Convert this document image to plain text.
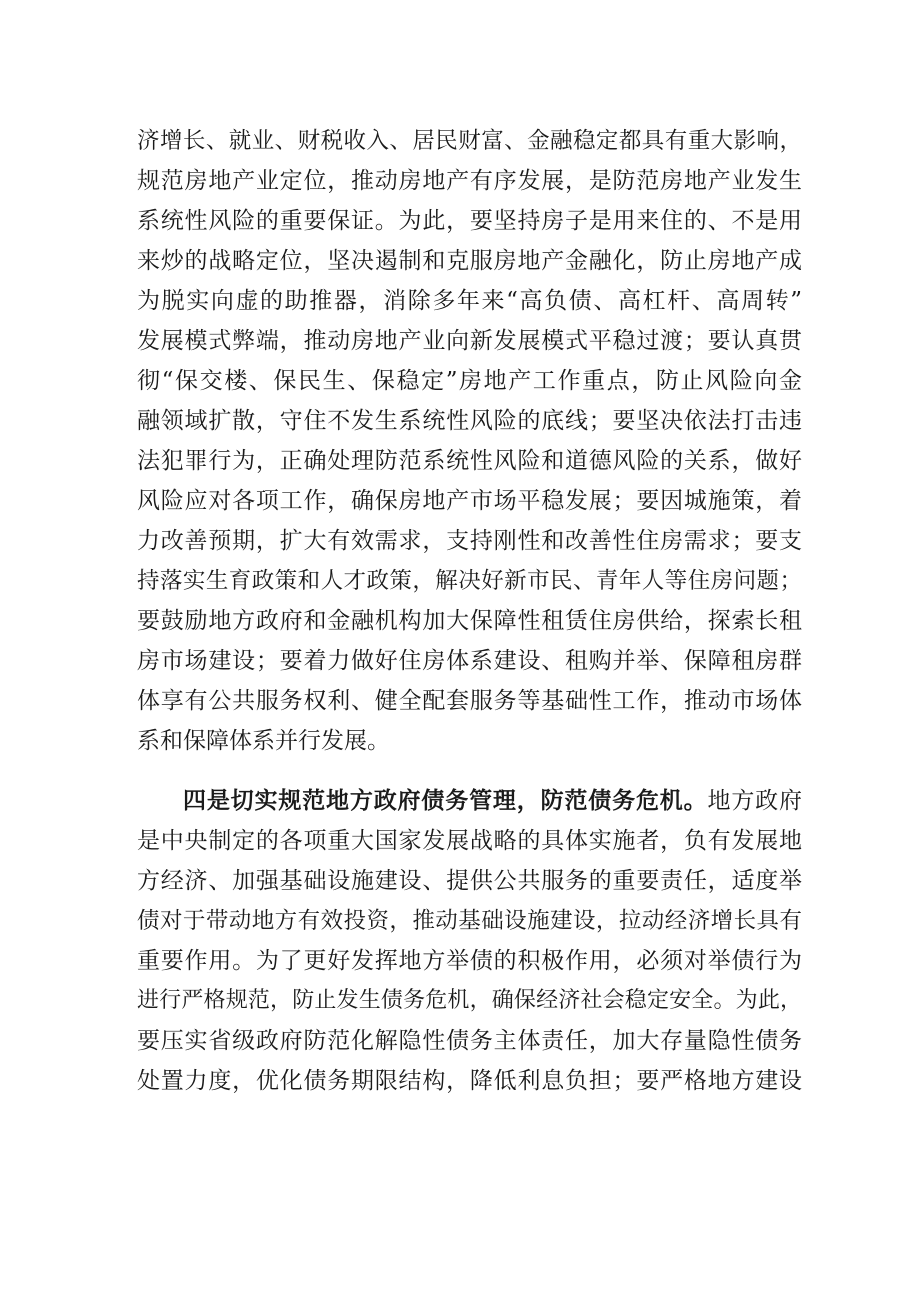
济增长、就业、财税收入、居民财富、金融稳定都具有重大影响，
规范房地产业定位，推动房地产有序发展，是防范房地产业发生
系统性风险的重要保证。为此，要坚持房子是用来住的、不是用
来炒的战略定位，坚决遏制和克服房地产金融化，防止房地产成
为脱实向虚的助推器，消除多年来“高负债、高杠杆、高周转”
发展模式弊端，推动房地产业向新发展模式平稳过渡；要认真贯
彻“保交楼、保民生、保稳定”房地产工作重点，防止风险向金
融领域扩散，守住不发生系统性风险的底线；要坚决依法打击违
法犯罪行为，正确处理防范系统性风险和道德风险的关系，做好
风险应对各项工作，确保房地产市场平稳发展；要因城施策，着
力改善预期，扩大有效需求，支持刚性和改善性住房需求；要支
持落实生育政策和人才政策，解决好新市民、青年人等住房问题；
要鼓励地方政府和金融机构加大保障性租赁住房供给，探索长租
房市场建设；要着力做好住房体系建设、租购并举、保障租房群
体享有公共服务权利、健全配套服务等基础性工作，推动市场体
系和保障体系并行发展。
四是切实规范地方政府债务管理，防范债务危机。地方政府
是中央制定的各项重大国家发展战略的具体实施者，负有发展地
方经济、加强基础设施建设、提供公共服务的重要责任，适度举
债对于带动地方有效投资，推动基础设施建设，拉动经济增长具有
重要作用。为了更好发挥地方举债的积极作用，必须对举债行为
进行严格规范，防止发生债务危机，确保经济社会稳定安全。为此，
要压实省级政府防范化解隐性债务主体责任，加大存量隐性债务
处置力度，优化债务期限结构，降低利息负担；要严格地方建设
